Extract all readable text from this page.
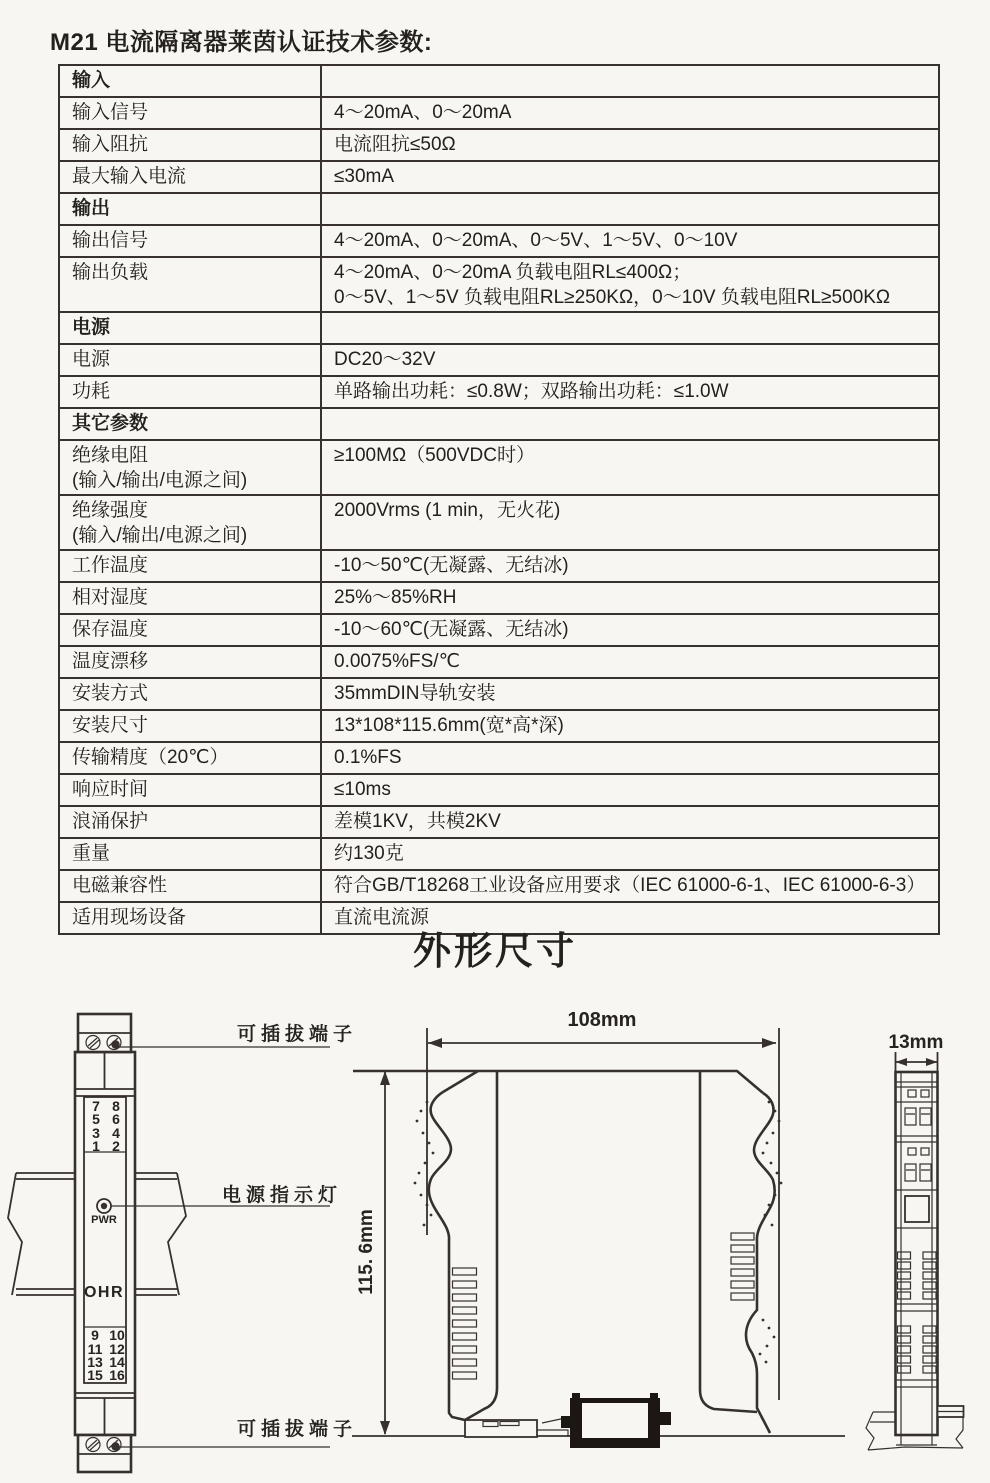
M21 电流隔离器莱茵认证技术参数:
输入	
输入信号	4～20mA、0～20mA
输入阻抗	电流阻抗≤50Ω
最大输入电流	≤30mA
输出	
输出信号	4～20mA、0～20mA、0～5V、1～5V、0～10V
输出负载	4～20mA、0～20mA 负载电阻RL≤400Ω；
0～5V、1～5V 负载电阻RL≥250KΩ，0～10V 负载电阻RL≥500KΩ
电源	
电源	DC20～32V
功耗	单路输出功耗：≤0.8W；双路输出功耗：≤1.0W
其它参数	
绝缘电阻
(输入/输出/电源之间)	≥100MΩ（500VDC时）
绝缘强度
(输入/输出/电源之间)	2000Vrms (1 min，无火花)
工作温度	-10～50℃(无凝露、无结冰)
相对湿度	25%～85%RH
保存温度	-10～60℃(无凝露、无结冰)
温度漂移	0.0075%FS/℃
安装方式	35mmDIN导轨安装
安装尺寸	13*108*115.6mm(宽*高*深)
传输精度（20℃）	0.1%FS
响应时间	≤10ms
浪涌保护	差模1KV，共模2KV
重量	约130克
电磁兼容性	符合GB/T18268工业设备应用要求（IEC 61000-6-1、IEC 61000-6-3）
适用现场设备	直流电流源
外形尺寸
可插拔端子
电源指示灯
可插拔端子
7
5
3
1
8
6
4
2
PWR
OHR
9
11
13
15
10
12
14
16
108mm
115. 6mm
13mm
